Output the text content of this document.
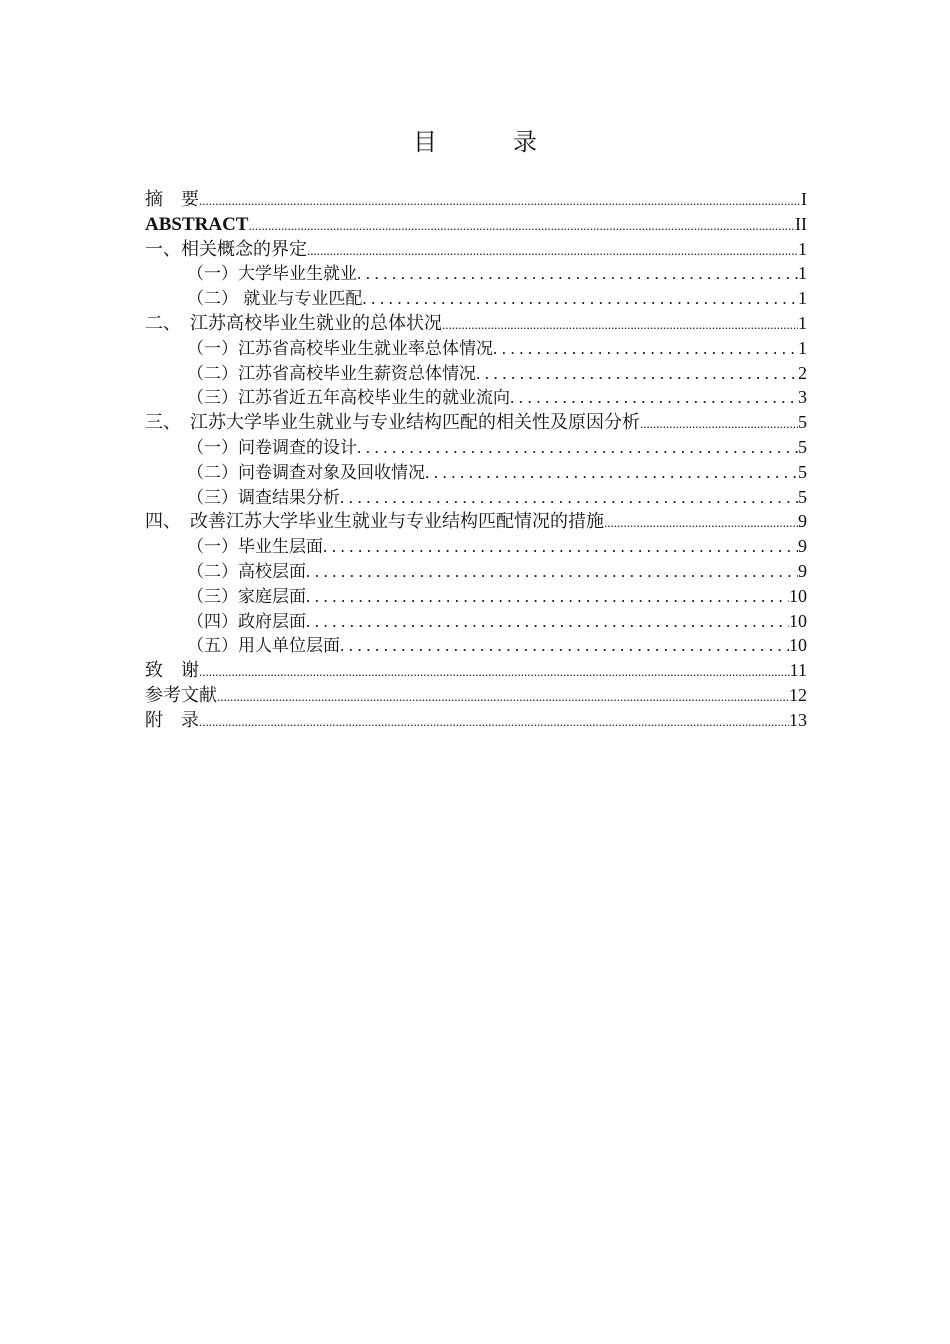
目　录
摘　要 .....	I
ABSTRACT .....	II
一、相关概念的界定 .....	1
（一）大学毕业生就业 .....	1
（二） 就业与专业匹配 .....	1
二、　江苏高校毕业生就业的总体状况 .....	1
（一）江苏省高校毕业生就业率总体情况 .....	1
（二）江苏省高校毕业生薪资总体情况 .....	2
（三）江苏省近五年高校毕业生的就业流向 .....	3
三、　江苏大学毕业生就业与专业结构匹配的相关性及原因分析 .....	5
（一）问卷调查的设计 .....	5
（二）问卷调查对象及回收情况 .....	5
（三）调查结果分析 .....	5
四、　改善江苏大学毕业生就业与专业结构匹配情况的措施 .....	9
（一）毕业生层面 .....	9
（二）高校层面 .....	9
（三）家庭层面 .....	10
（四）政府层面 .....	10
（五）用人单位层面 .....	10
致　谢 .....	11
参考文献 .....	12
附　录 .....	13
